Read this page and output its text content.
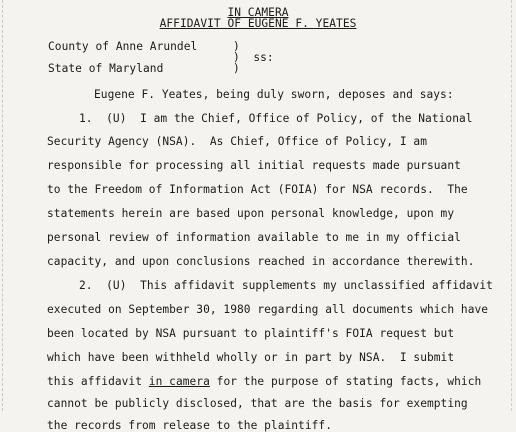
IN CAMERA
AFFIDAVIT OF EUGENE F. YEATES
County of Anne Arundel
State of Maryland
)
)  ss:
)
Eugene F. Yeates, being duly sworn, deposes and says:
1.  (U)  I am the Chief, Office of Policy, of the National
Security Agency (NSA).  As Chief, Office of Policy, I am
responsible for processing all initial requests made pursuant
to the Freedom of Information Act (FOIA) for NSA records.  The
statements herein are based upon personal knowledge, upon my
personal review of information available to me in my official
capacity, and upon conclusions reached in accordance therewith.
2.  (U)  This affidavit supplements my unclassified affidavit
executed on September 30, 1980 regarding all documents which have
been located by NSA pursuant to plaintiff's FOIA request but
which have been withheld wholly or in part by NSA.  I submit
this affidavit in camera for the purpose of stating facts, which
cannot be publicly disclosed, that are the basis for exempting
the records from release to the plaintiff.
